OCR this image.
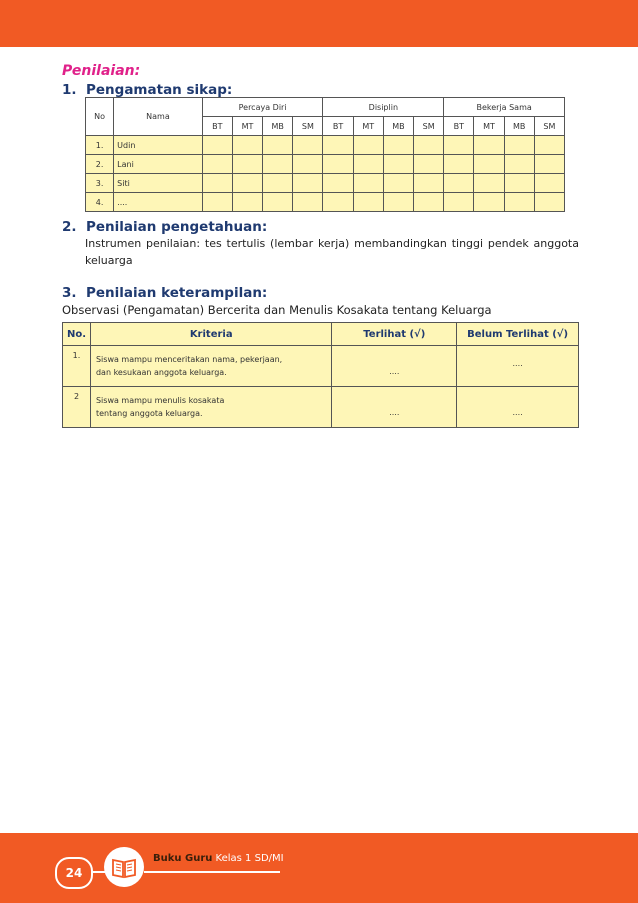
Penilaian:
1. Pengamatan sikap:
No	Nama	Percaya Diri				Disiplin				Bekerja Sama			
		BT	MT	MB	SM	BT	MT	MB	SM	BT	MT	MB	SM
1.	Udin												
2.	Lani												
3.	Siti												
4.	....												
2. Penilaian pengetahuan:
Instrumen penilaian: tes tertulis (lembar kerja) membandingkan tinggi pendek anggota
keluarga
3. Penilaian keterampilan:
Observasi (Pengamatan) Bercerita dan Menulis Kosakata tentang Keluarga
No.	Kriteria	Terlihat (√)	Belum Terlihat (√)
1.	Siswa mampu menceritakan nama, pekerjaan,
dan kesukaan anggota keluarga.	....	....
2	Siswa mampu menulis kosakata
tentang anggota keluarga.	....	....
24
Buku Guru Kelas 1 SD/MI
